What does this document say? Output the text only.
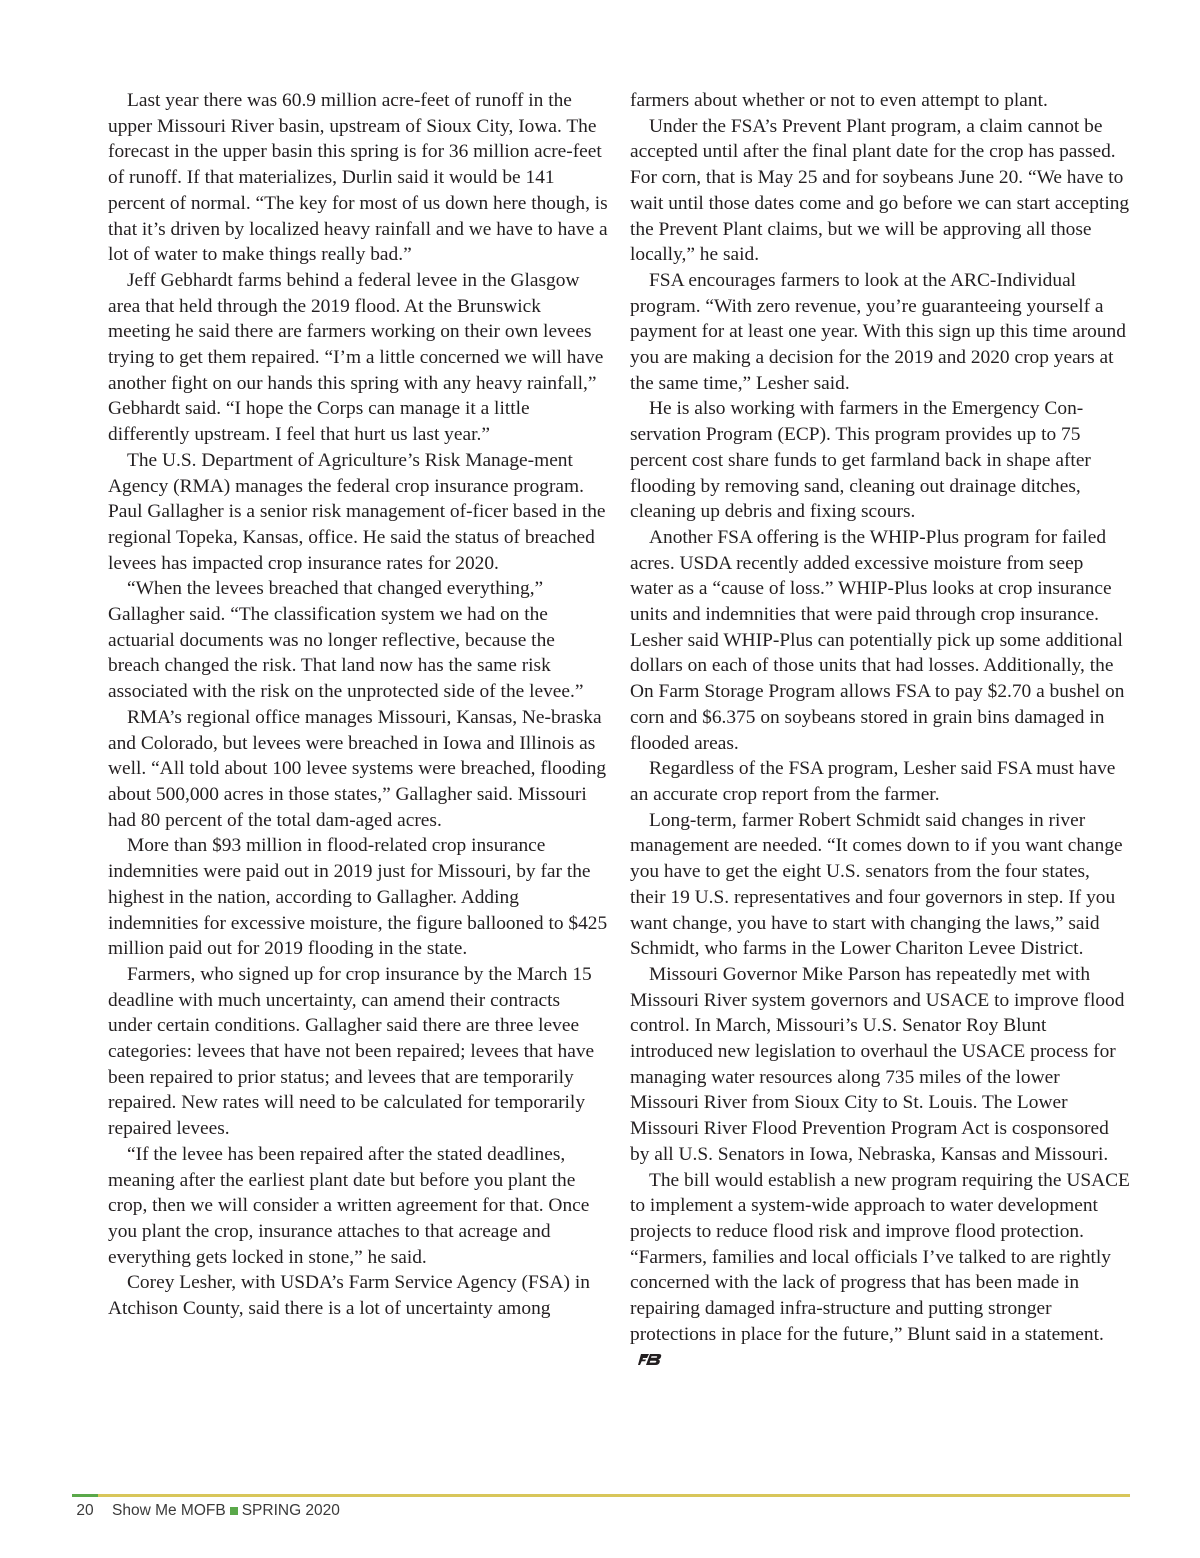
Last year there was 60.9 million acre-feet of runoff in the upper Missouri River basin, upstream of Sioux City, Iowa. The forecast in the upper basin this spring is for 36 million acre-feet of runoff. If that materializes, Durlin said it would be 141 percent of normal. “The key for most of us down here though, is that it’s driven by localized heavy rainfall and we have to have a lot of water to make things really bad.”

Jeff Gebhardt farms behind a federal levee in the Glasgow area that held through the 2019 flood. At the Brunswick meeting he said there are farmers working on their own levees trying to get them repaired. “I’m a little concerned we will have another fight on our hands this spring with any heavy rainfall,” Gebhardt said. “I hope the Corps can manage it a little differently upstream. I feel that hurt us last year.”

The U.S. Department of Agriculture’s Risk Manage-ment Agency (RMA) manages the federal crop insurance program. Paul Gallagher is a senior risk management of-ficer based in the regional Topeka, Kansas, office. He said the status of breached levees has impacted crop insurance rates for 2020.

“When the levees breached that changed everything,” Gallagher said. “The classification system we had on the actuarial documents was no longer reflective, because the breach changed the risk. That land now has the same risk associated with the risk on the unprotected side of the levee.”

RMA’s regional office manages Missouri, Kansas, Ne-braska and Colorado, but levees were breached in Iowa and Illinois as well. “All told about 100 levee systems were breached, flooding about 500,000 acres in those states,” Gallagher said. Missouri had 80 percent of the total dam-aged acres.

More than $93 million in flood-related crop insurance indemnities were paid out in 2019 just for Missouri, by far the highest in the nation, according to Gallagher. Adding indemnities for excessive moisture, the figure ballooned to $425 million paid out for 2019 flooding in the state.

Farmers, who signed up for crop insurance by the March 15 deadline with much uncertainty, can amend their contracts under certain conditions. Gallagher said there are three levee categories: levees that have not been repaired; levees that have been repaired to prior status; and levees that are temporarily repaired. New rates will need to be calculated for temporarily repaired levees.

“If the levee has been repaired after the stated deadlines, meaning after the earliest plant date but before you plant the crop, then we will consider a written agreement for that. Once you plant the crop, insurance attaches to that acreage and everything gets locked in stone,” he said.

Corey Lesher, with USDA’s Farm Service Agency (FSA) in Atchison County, said there is a lot of uncertainty among

farmers about whether or not to even attempt to plant.

Under the FSA’s Prevent Plant program, a claim cannot be accepted until after the final plant date for the crop has passed. For corn, that is May 25 and for soybeans June 20. “We have to wait until those dates come and go before we can start accepting the Prevent Plant claims, but we will be approving all those locally,” he said.

FSA encourages farmers to look at the ARC-Individual program. “With zero revenue, you’re guaranteeing yourself a payment for at least one year. With this sign up this time around you are making a decision for the 2019 and 2020 crop years at the same time,” Lesher said.

He is also working with farmers in the Emergency Con-servation Program (ECP). This program provides up to 75 percent cost share funds to get farmland back in shape after flooding by removing sand, cleaning out drainage ditches, cleaning up debris and fixing scours.

Another FSA offering is the WHIP-Plus program for failed acres. USDA recently added excessive moisture from seep water as a “cause of loss.” WHIP-Plus looks at crop insurance units and indemnities that were paid through crop insurance. Lesher said WHIP-Plus can potentially pick up some additional dollars on each of those units that had losses. Additionally, the On Farm Storage Program allows FSA to pay $2.70 a bushel on corn and $6.375 on soybeans stored in grain bins damaged in flooded areas.

Regardless of the FSA program, Lesher said FSA must have an accurate crop report from the farmer.

Long-term, farmer Robert Schmidt said changes in river management are needed. “It comes down to if you want change you have to get the eight U.S. senators from the four states, their 19 U.S. representatives and four governors in step. If you want change, you have to start with changing the laws,” said Schmidt, who farms in the Lower Chariton Levee District.

Missouri Governor Mike Parson has repeatedly met with Missouri River system governors and USACE to improve flood control. In March, Missouri’s U.S. Senator Roy Blunt introduced new legislation to overhaul the USACE process for managing water resources along 735 miles of the lower Missouri River from Sioux City to St. Louis. The Lower Missouri River Flood Prevention Program Act is cosponsored by all U.S. Senators in Iowa, Nebraska, Kansas and Missouri.

The bill would establish a new program requiring the USACE to implement a system-wide approach to water development projects to reduce flood risk and improve flood protection. “Farmers, families and local officials I’ve talked to are rightly concerned with the lack of progress that has been made in repairing damaged infra-structure and putting stronger protections in place for the future,” Blunt said in a statement.

20 Show Me MOFB SPRING 2020
